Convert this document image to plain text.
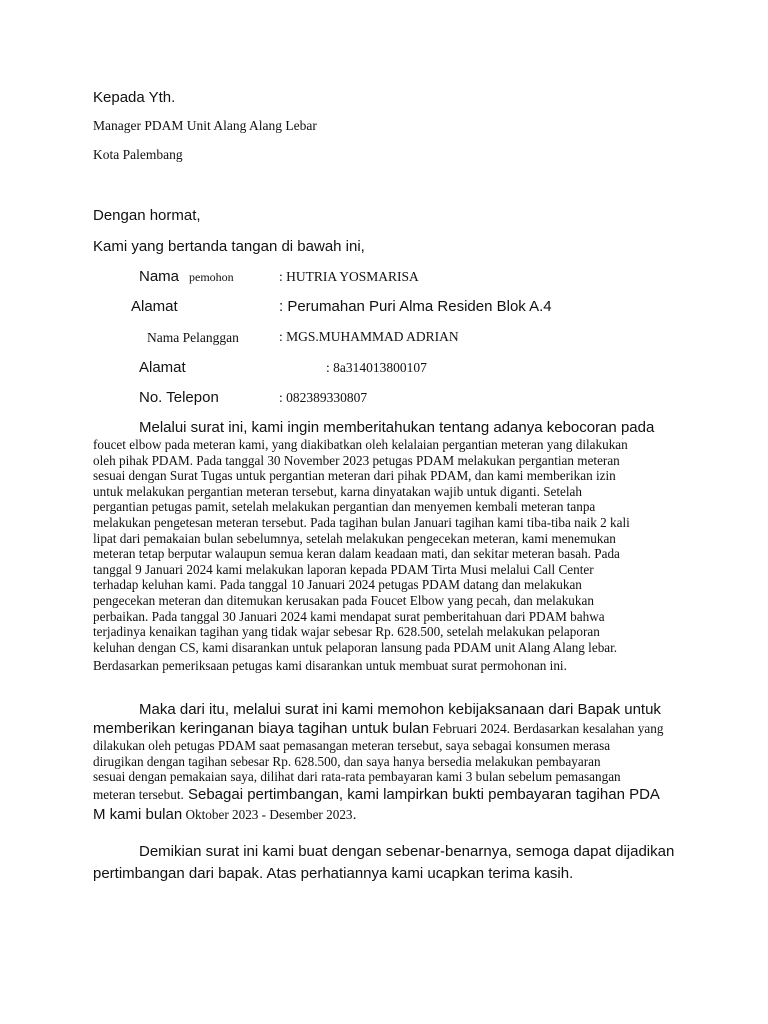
Kepada Yth.
Manager PDAM Unit Alang Alang Lebar
Kota Palembang
Dengan hormat,
Kami yang bertanda tangan di bawah ini,
Nama pemohon	: HUTRIA YOSMARISA
Alamat	: Perumahan Puri Alma Residen Blok A.4
Nama Pelanggan	: MGS.MUHAMMAD ADRIAN
Alamat	: 8a314013800107
No. Telepon	: 082389330807
Melalui surat ini, kami ingin memberitahukan tentang adanya kebocoran pada
foucet elbow pada meteran kami, yang diakibatkan oleh kelalaian pergantian meteran yang dilakukan
oleh pihak PDAM. Pada tanggal 30 November 2023 petugas PDAM melakukan pergantian meteran
sesuai dengan Surat Tugas untuk pergantian meteran dari pihak PDAM, dan kami memberikan izin
untuk melakukan pergantian meteran tersebut, karna dinyatakan wajib untuk diganti. Setelah
pergantian petugas pamit, setelah melakukan pergantian dan menyemen kembali meteran tanpa
melakukan pengetesan meteran tersebut. Pada tagihan bulan Januari tagihan kami tiba-tiba naik 2 kali
lipat dari pemakaian bulan sebelumnya, setelah melakukan pengecekan meteran, kami menemukan
meteran tetap berputar walaupun semua keran dalam keadaan mati, dan sekitar meteran basah. Pada
tanggal 9 Januari 2024 kami melakukan laporan kepada PDAM Tirta Musi melalui Call Center
terhadap keluhan kami. Pada tanggal 10 Januari 2024 petugas PDAM datang dan melakukan
pengecekan meteran dan ditemukan kerusakan pada Foucet Elbow yang pecah, dan melakukan
perbaikan. Pada tanggal 30 Januari 2024 kami mendapat surat pemberitahuan dari PDAM bahwa
terjadinya kenaikan tagihan yang tidak wajar sebesar Rp. 628.500, setelah melakukan pelaporan
keluhan dengan CS, kami disarankan untuk pelaporan lansung pada PDAM unit Alang Alang lebar.
Berdasarkan pemeriksaan petugas kami disarankan untuk membuat surat permohonan ini.
Maka dari itu, melalui surat ini kami memohon kebijaksanaan dari Bapak untuk
memberikan keringanan biaya tagihan untuk bulan Februari 2024. Berdasarkan kesalahan yang
dilakukan oleh petugas PDAM saat pemasangan meteran tersebut, saya sebagai konsumen merasa
dirugikan dengan tagihan sebesar Rp. 628.500, dan saya hanya bersedia melakukan pembayaran
sesuai dengan pemakaian saya, dilihat dari rata-rata pembayaran kami 3 bulan sebelum pemasangan
meteran tersebut. Sebagai pertimbangan, kami lampirkan bukti pembayaran tagihan PDA
M kami bulan Oktober 2023 - Desember 2023.
Demikian surat ini kami buat dengan sebenar-benarnya, semoga dapat dijadikan
pertimbangan dari bapak. Atas perhatiannya kami ucapkan terima kasih.
